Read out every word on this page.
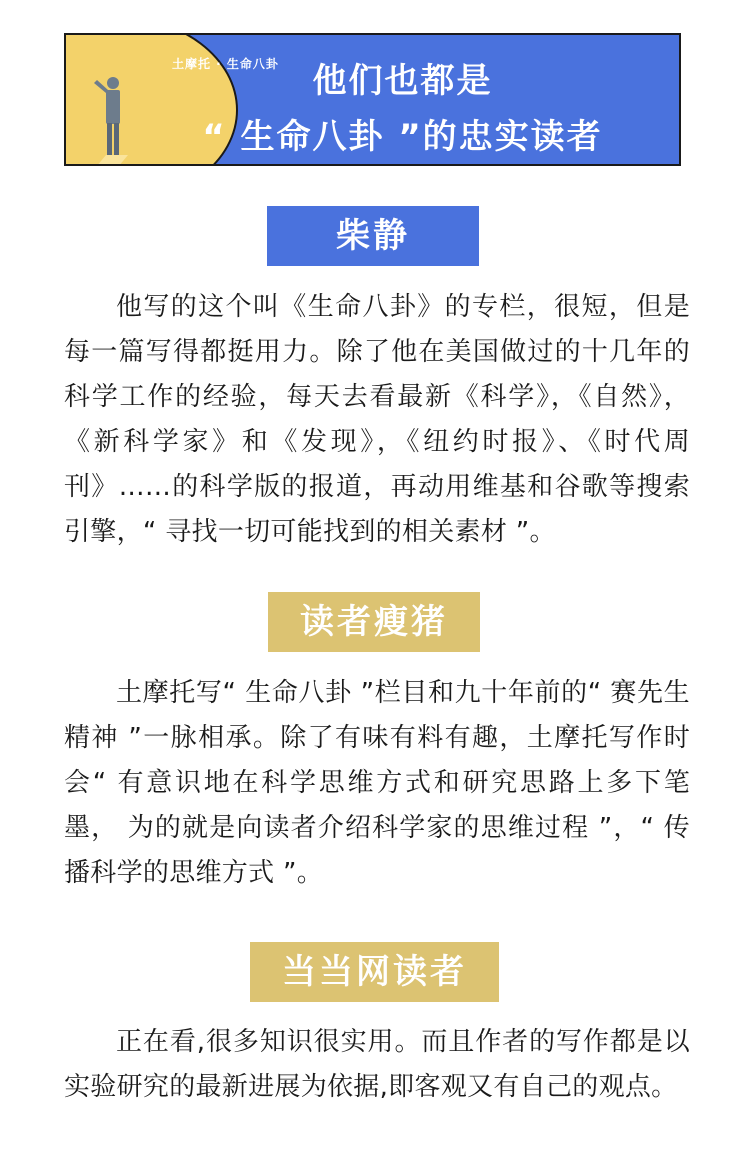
土摩托 · 生命八卦 他们也都是
“ 生命八卦 ”的忠实读者
柴静
他写的这个叫《生命八卦》的专栏，很短，但是每一篇写得都挺用力。除了他在美国做过的十几年的科学工作的经验，每天去看最新《科学》，《自然》，《新科学家》和《发现》，《纽约时报》、《时代周刊》……的科学版的报道，再动用维基和谷歌等搜索引擎，“ 寻找一切可能找到的相关素材 ”。
读者瘦猪
土摩托写“ 生命八卦 ”栏目和九十年前的“ 赛先生精神 ”一脉相承。除了有味有料有趣，土摩托写作时会“ 有意识地在科学思维方式和研究思路上多下笔墨， 为的就是向读者介绍科学家的思维过程 ”，“ 传播科学的思维方式 ”。
当当网读者
正在看,很多知识很实用。而且作者的写作都是以实验研究的最新进展为依据,即客观又有自己的观点。
